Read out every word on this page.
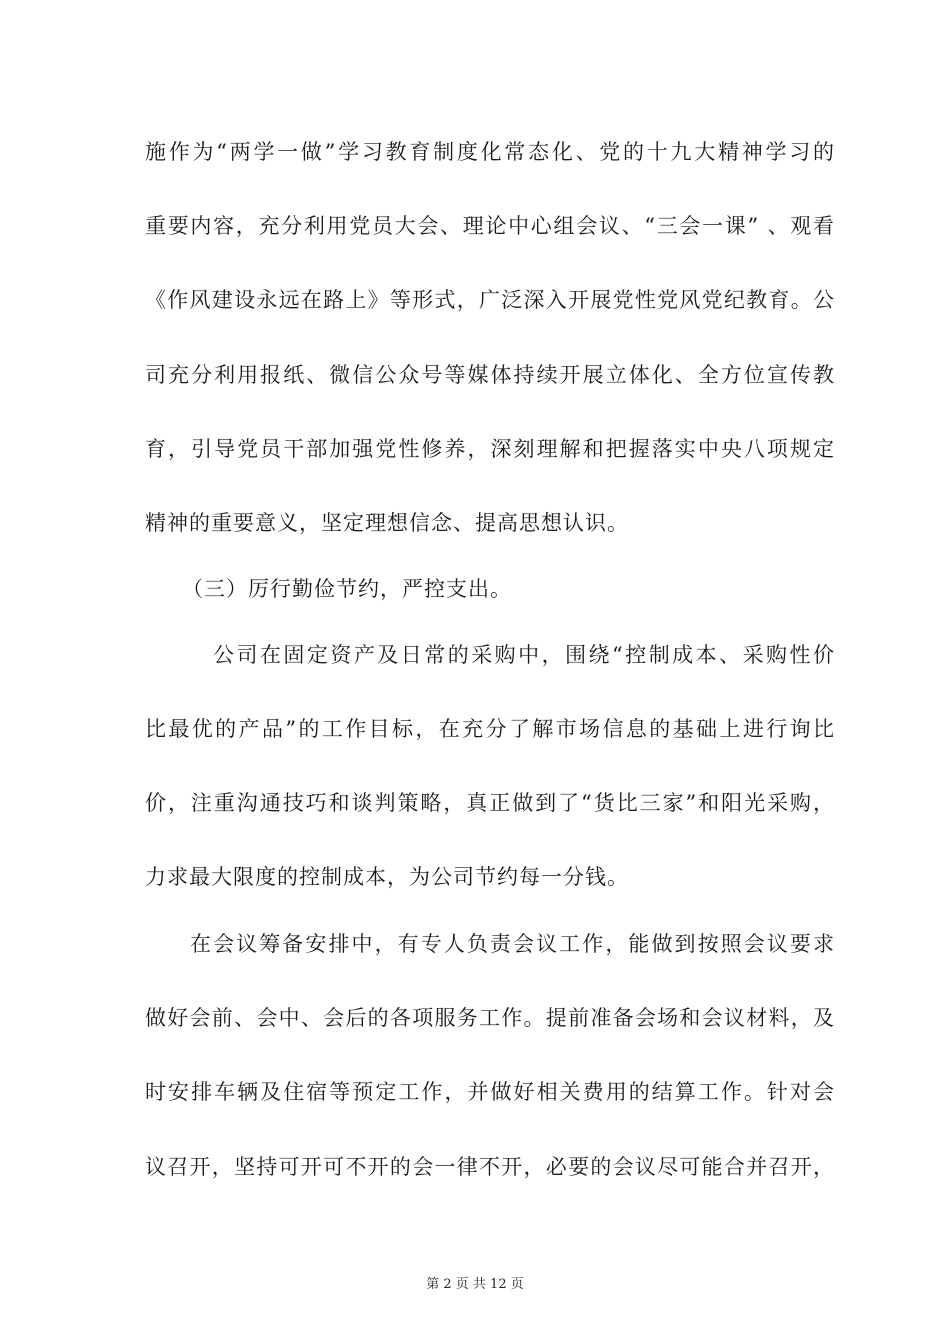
施作为“两学一做”学习教育制度化常态化、党的十九大精神学习的
重要内容，充分利用党员大会、理论中心组会议、“三会一课” 、观看
《作风建设永远在路上》等形式，广泛深入开展党性党风党纪教育。公
司充分利用报纸、微信公众号等媒体持续开展立体化、全方位宣传教
育，引导党员干部加强党性修养，深刻理解和把握落实中央八项规定
精神的重要意义，坚定理想信念、提高思想认识。
（三）厉行勤俭节约，严控支出。
公司在固定资产及日常的采购中，围绕“控制成本、采购性价
比最优的产品”的工作目标，在充分了解市场信息的基础上进行询比
价，注重沟通技巧和谈判策略，真正做到了“货比三家”和阳光采购，
力求最大限度的控制成本，为公司节约每一分钱。
在会议筹备安排中，有专人负责会议工作，能做到按照会议要求
做好会前、会中、会后的各项服务工作。提前准备会场和会议材料，及
时安排车辆及住宿等预定工作，并做好相关费用的结算工作。针对会
议召开，坚持可开可不开的会一律不开，必要的会议尽可能合并召开，
第 2 页 共 12 页
